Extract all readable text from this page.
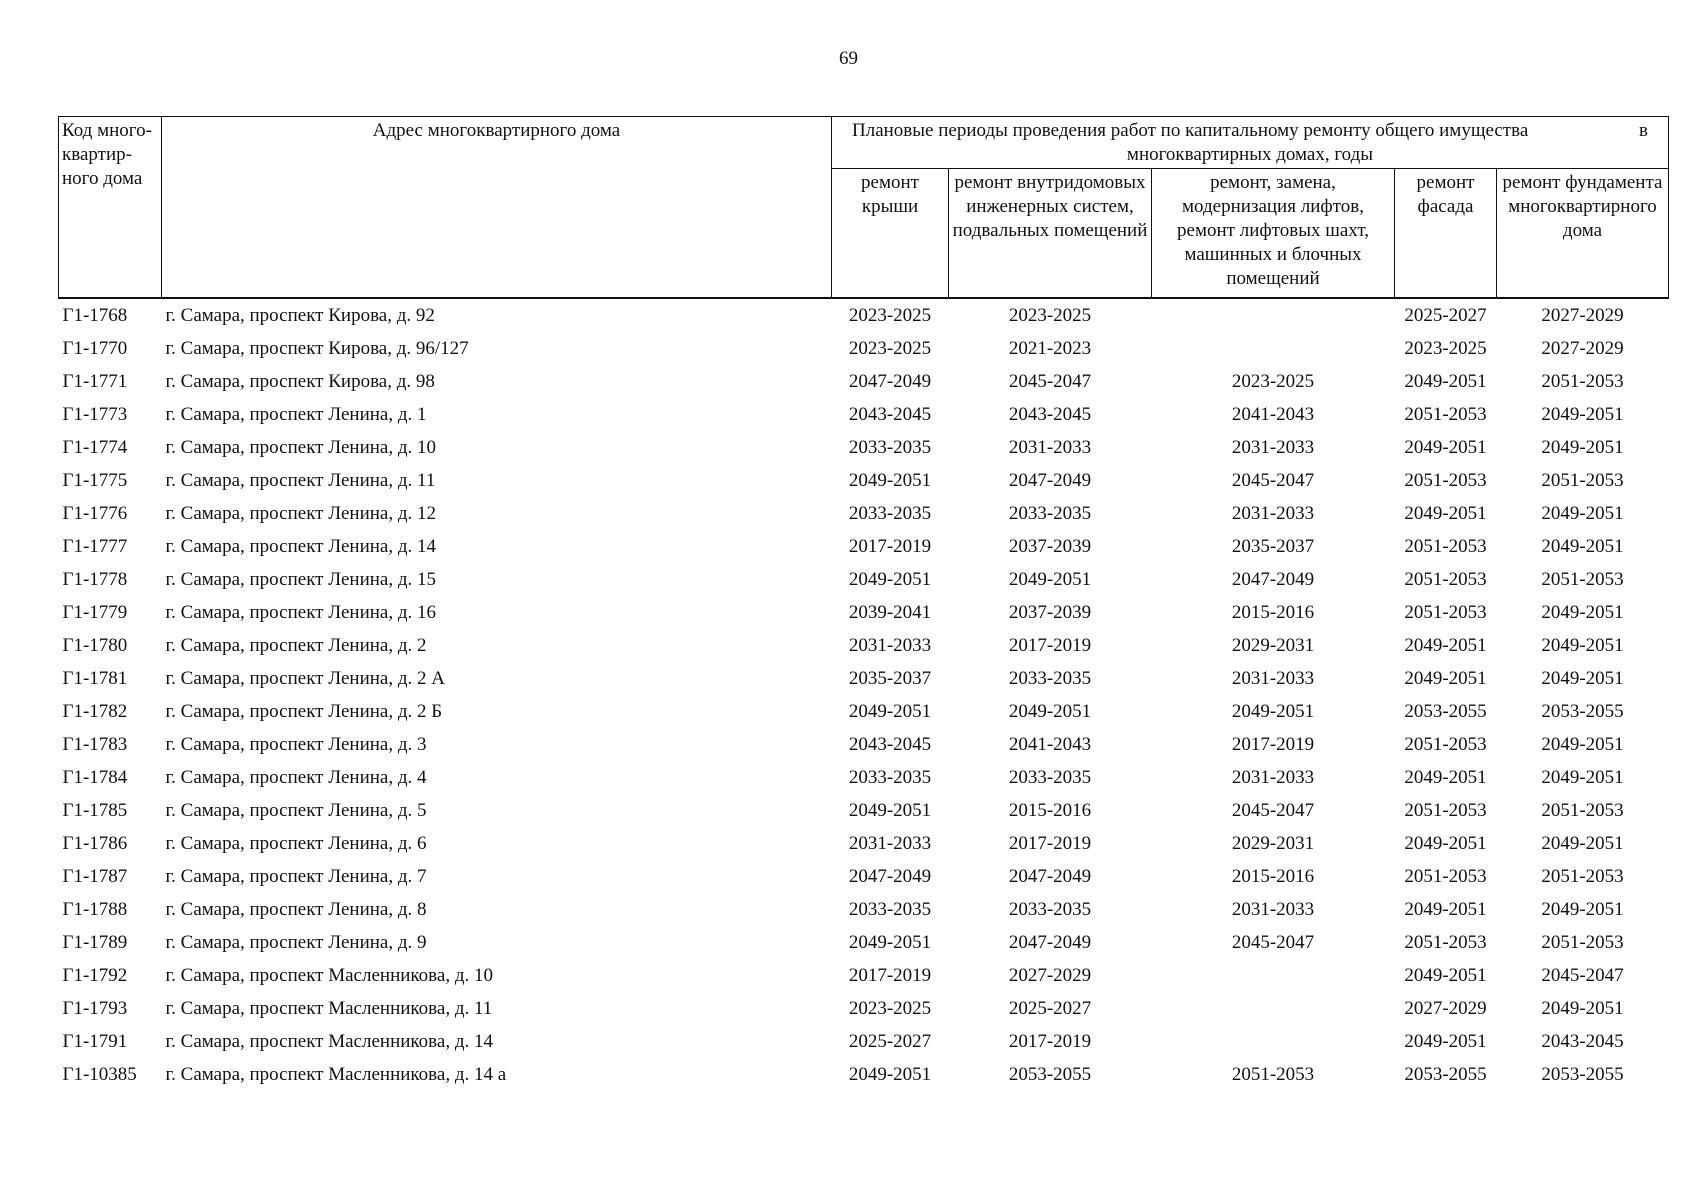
69
Код много-квартир-ного дома	Адрес многоквартирного дома	Плановые периоды проведения работ по капитальному ремонту общего имущества в
многоквартирных домах, годы				

		ремонт крыши	ремонт внутридомовых инженерных систем, подвальных помещений	ремонт, замена, модернизация лифтов, ремонт лифтовых шахт, машинных и блочных помещений	ремонт фасада	ремонт фундамента многоквартирного дома
Г1-1768	г. Самара, проспект Кирова, д. 92	2023-2025	2023-2025		2025-2027	2027-2029
Г1-1770	г. Самара, проспект Кирова, д. 96/127	2023-2025	2021-2023		2023-2025	2027-2029
Г1-1771	г. Самара, проспект Кирова, д. 98	2047-2049	2045-2047	2023-2025	2049-2051	2051-2053
Г1-1773	г. Самара, проспект Ленина, д. 1	2043-2045	2043-2045	2041-2043	2051-2053	2049-2051
Г1-1774	г. Самара, проспект Ленина, д. 10	2033-2035	2031-2033	2031-2033	2049-2051	2049-2051
Г1-1775	г. Самара, проспект Ленина, д. 11	2049-2051	2047-2049	2045-2047	2051-2053	2051-2053
Г1-1776	г. Самара, проспект Ленина, д. 12	2033-2035	2033-2035	2031-2033	2049-2051	2049-2051
Г1-1777	г. Самара, проспект Ленина, д. 14	2017-2019	2037-2039	2035-2037	2051-2053	2049-2051
Г1-1778	г. Самара, проспект Ленина, д. 15	2049-2051	2049-2051	2047-2049	2051-2053	2051-2053
Г1-1779	г. Самара, проспект Ленина, д. 16	2039-2041	2037-2039	2015-2016	2051-2053	2049-2051
Г1-1780	г. Самара, проспект Ленина, д. 2	2031-2033	2017-2019	2029-2031	2049-2051	2049-2051
Г1-1781	г. Самара, проспект Ленина, д. 2 А	2035-2037	2033-2035	2031-2033	2049-2051	2049-2051
Г1-1782	г. Самара, проспект Ленина, д. 2 Б	2049-2051	2049-2051	2049-2051	2053-2055	2053-2055
Г1-1783	г. Самара, проспект Ленина, д. 3	2043-2045	2041-2043	2017-2019	2051-2053	2049-2051
Г1-1784	г. Самара, проспект Ленина, д. 4	2033-2035	2033-2035	2031-2033	2049-2051	2049-2051
Г1-1785	г. Самара, проспект Ленина, д. 5	2049-2051	2015-2016	2045-2047	2051-2053	2051-2053
Г1-1786	г. Самара, проспект Ленина, д. 6	2031-2033	2017-2019	2029-2031	2049-2051	2049-2051
Г1-1787	г. Самара, проспект Ленина, д. 7	2047-2049	2047-2049	2015-2016	2051-2053	2051-2053
Г1-1788	г. Самара, проспект Ленина, д. 8	2033-2035	2033-2035	2031-2033	2049-2051	2049-2051
Г1-1789	г. Самара, проспект Ленина, д. 9	2049-2051	2047-2049	2045-2047	2051-2053	2051-2053
Г1-1792	г. Самара, проспект Масленникова, д. 10	2017-2019	2027-2029		2049-2051	2045-2047
Г1-1793	г. Самара, проспект Масленникова, д. 11	2023-2025	2025-2027		2027-2029	2049-2051
Г1-1791	г. Самара, проспект Масленникова, д. 14	2025-2027	2017-2019		2049-2051	2043-2045
Г1-10385	г. Самара, проспект Масленникова, д. 14 а	2049-2051	2053-2055	2051-2053	2053-2055	2053-2055
